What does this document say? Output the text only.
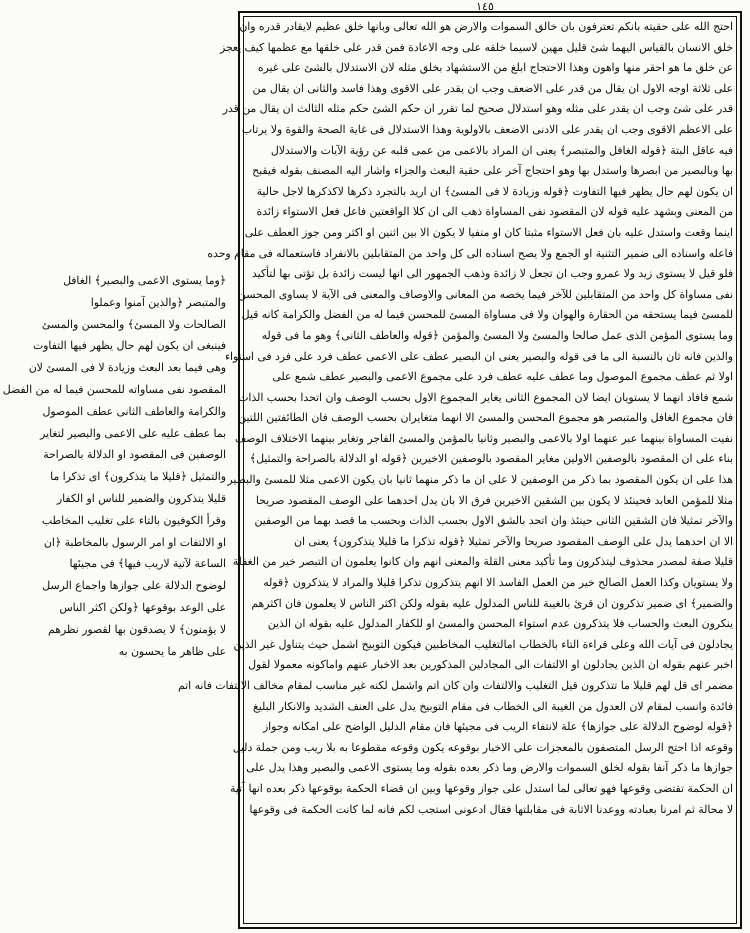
١٤٥
احتج الله على حقيته بانكم تعترفون بان خالق السموات والارض هو الله تعالى وبانها خلق عظيم لايقادر قدره وان
خلق الانسان بالقياس اليهما شئ قليل مهين لاسيما خلقه على وجه الاعادة فمن قدر على خلقها مع عظمها كيف يعجز
عن خلق ما هو احقر منها واهون وهذا الاحتجاج ابلغ من الاستشهاد بخلق مثله لان الاستدلال بالشئ على غيره
على ثلاثة اوجه الاول ان يقال من قدر على الاضعف وجب ان يقدر على الاقوى وهذا فاسد والثانى ان يقال من
قدر على شئ وجب ان يقدر على مثله وهو استدلال صحيح لما تقرر ان حكم الشئ حكم مثله الثالث ان يقال من قدر
على الاعظم الاقوى وجب ان يقدر على الادنى الاضعف بالاولوية وهذا الاستدلال فى غاية الصحة والقوة ولا يرتاب
فيه عاقل البتة ﴿قوله الغافل والمتبصر﴾ يعنى ان المراد بالاعمى من عمى قلبه عن رؤية الآيات والاستدلال
بها وبالبصير من ابصرها واستدل بها وهو احتجاج آخر على حقية البعث والجزاء واشار اليه المصنف بقوله فيقبح
ان يكون لهم حال يظهر فيها التفاوت ﴿قوله وزيادة لا فى المسئ﴾ ان اريد بالتجرد ذكرها لاكذكرها لاجل حالية
من المعنى وبشهد عليه قوله لان المقصود نفى المساواة ذهب الى ان كلا الواقعتين فاعل فعل الاستواء زائدة
اينما وقعت واستدل عليه بان فعل الاستواء مثبتا كان او منفيا لا يكون الا بين اثنين او اكثر ومن جوز العطف على
فاعله واسناده الى ضمير التثنية او الجمع ولا يصح اسناده الى كل واحد من المتقابلين بالانفراد فاستعماله فى مقام وحده
فلو قيل لا يستوى زيد ولا عمرو وجب ان تجعل لا زائدة وذهب الجمهور الى انها ليست زائدة بل تؤتى بها لتأكيد
نفى مساواة كل واحد من المتقابلين للآخر فيما يخصه من المعانى والاوصاف والمعنى فى الآية لا يساوى المحسن
للمسئ فيما يستحقه من الحقارة والهوان ولا فى مساواة المسئ للمحسن فيما له من الفضل والكرامة كانه قيل
وما يستوى المؤمن الذى عمل صالحا والمسئ ولا المسئ والمؤمن ﴿قوله والعاطف الثانى﴾ وهو ما فى قوله
والذين فانه ثان بالنسبة الى ما فى قوله والبصير يعنى ان البصير عطف على الاعمى عطف فرد على فرد فى استواء
اولا ثم عطف مجموع الموصول وما عطف عليه عطف فرد على مجموع الاعمى والبصير عطف شمع على
شمع فافاد انهما لا يستويان ايضا لان المجموع الثانى يغاير المجموع الاول بحسب الوصف وان اتحدا بحسب الذات
فان مجموع الغافل والمتبصر هو مجموع المحسن والمسئ الا انهما متغايران بحسب الوصف فان الطائفتين اللتين
نفيت المساواة بينهما عبر عنهما اولا بالاعمى والبصير وثانيا بالمؤمن والمسئ الفاجر وتغاير بينهما الاختلاف الوصف
بناء على ان المقصود بالوصفين الاولين مغاير المقصود بالوصفين الاخيرين ﴿قوله او الدلالة بالصراحة والتمثيل﴾
هذا على ان يكون المقصود بما ذكر من الوصفين لا على ان ما ذكر منهما ثانيا بان يكون الاعمى مثلا للمسئ والبصير
مثلا للمؤمن العابد فحينئذ لا يكون بين الشقين الاخيرين فرق الا بان يدل احدهما على الوصف المقصود صريحا
والآخر تمثيلا فان الشقين الثانى حينئذ وان اتحد بالشق الاول بحسب الذات وبحسب ما قصد بهما من الوصفين
الا ان احدهما يدل على الوصف المقصود صريحا والآخر تمثيلا ﴿قوله تذكرا ما قليلا يتذكرون﴾ يعنى ان
قليلا صفة لمصدر محذوف ليتذكرون وما تأكيد معنى القلة والمعنى انهم وان كانوا يعلمون ان التبصر خير من الغفلة
ولا يستويان وكذا العمل الصالح خير من العمل الفاسد الا انهم يتذكرون تذكرا قليلا والمراد لا يتذكرون ﴿قوله
والضمير﴾ اى ضمير تذكرون ان قرئ بالغيبة للناس المدلول عليه بقوله ولكن اكثر الناس لا يعلمون فان اكثرهم
ينكرون البعث والحساب فلا يتذكرون عدم استواء المحسن والمسئ او للكفار المدلول عليه بقوله ان الذين
يجادلون فى آيات الله وعلى قراءة التاء بالخطاب امالتغليب المخاطبين فيكون التوبيخ اشمل حيث يتناول غير الذين
اخبر عنهم بقوله ان الذين يجادلون او الالتفات الى المجادلين المذكورين بعد الاخبار عنهم واماكونه معمولا لقول
مضمر اى قل لهم قليلا ما تتذكرون قيل التغليب والالتفات وان كان اتم واشمل لكنه غير مناسب لمقام مخالف الالتفات فانه اتم
فائدة وانسب لمقام لان العدول من الغيبة الى الخطاب فى مقام التوبيخ يدل على العنف الشديد والانكار البليغ
﴿قوله لوضوح الدلالة على جوازها﴾ علة لانتفاء الريب فى مجيئها فان مقام الدليل الواضح على امكانه وجواز
وقوعه اذا احتج الرسل المتصفون بالمعجزات على الاخبار بوقوعه يكون وقوعه مقطوعا به بلا ريب ومن جملة دليل
جوازها ما ذكر آنفا بقوله لخلق السموات والارض وما ذكر بعده بقوله وما يستوى الاعمى والبصير وهذا يدل على
ان الحكمة تقتضى وقوعها فهو تعالى لما استدل على جواز وقوعها وبين ان قضاء الحكمة بوقوعها ذكر بعده انها آتية
لا محالة ثم امرنا بعبادته ووعدنا الاثابة فى مقابلتها فقال ادعونى استجب لكم فانه لما كانت الحكمة فى وقوعها
﴿وما يستوى الاعمى والبصير﴾ الغافل
والمتبصر ﴿والذين آمنوا وعملوا
الصالحات ولا المسئ﴾ والمحسن والمسئ
فينبغى ان يكون لهم حال يظهر فيها التفاوت
وهى فيما بعد البعث وزيادة لا فى المسئ لان
المقصود نفى مساواته للمحسن فيما له من الفضل
والكرامة والعاطف الثانى عطف الموصول
بما عطف عليه على الاعمى والبصير لتغاير
الوصفين فى المقصود او الدلالة بالصراحة
والتمثيل ﴿قليلا ما يتذكرون﴾ اى تذكرا ما
قليلا يتذكرون والضمير للناس او الكفار
وقرأ الكوفيون بالتاء على تغليب المخاطب
او الالتفات او امر الرسول بالمخاطبة ﴿ان
الساعة لآتية لاريب فيها﴾ فى مجيئها
لوضوح الدلالة على جوازها واجماع الرسل
على الوعد بوقوعها ﴿ولكن اكثر الناس
لا يؤمنون﴾ لا يصدقون بها لقصور نظرهم
على ظاهر ما يحسون به
